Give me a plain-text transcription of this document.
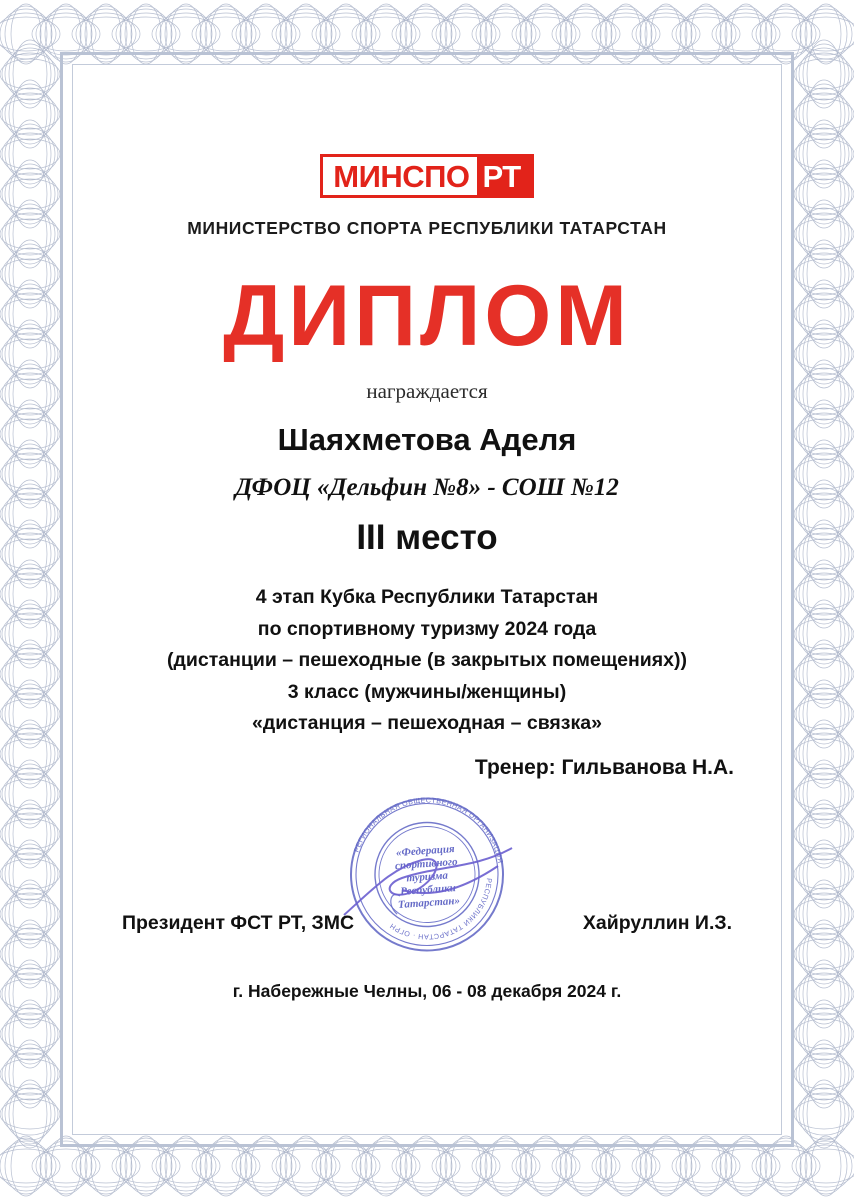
МИНСПО РТ
МИНИСТЕРСТВО СПОРТА РЕСПУБЛИКИ ТАТАРСТАН
ДИПЛОМ
награждается
Шаяхметова Аделя
ДФОЦ «Дельфин №8» - СОШ №12
III место
4 этап Кубка Республики Татарстан
по спортивному туризму 2024 года
(дистанции – пешеходные (в закрытых помещениях))
3 класс (мужчины/женщины)
«дистанция – пешеходная – связка»
Тренер: Гильванова Н.А.
РЕГИОНАЛЬНАЯ ОБЩЕСТВЕННАЯ ОРГАНИЗАЦИЯ
РЕСПУБЛИКИ ТАТАРСТАН · ОГРН
«Федерация
спортивного
туризма
Республики
Татарстан»
Президент ФСТ РТ, ЗМС	Хайруллин И.З.
г. Набережные Челны, 06 - 08 декабря 2024 г.
